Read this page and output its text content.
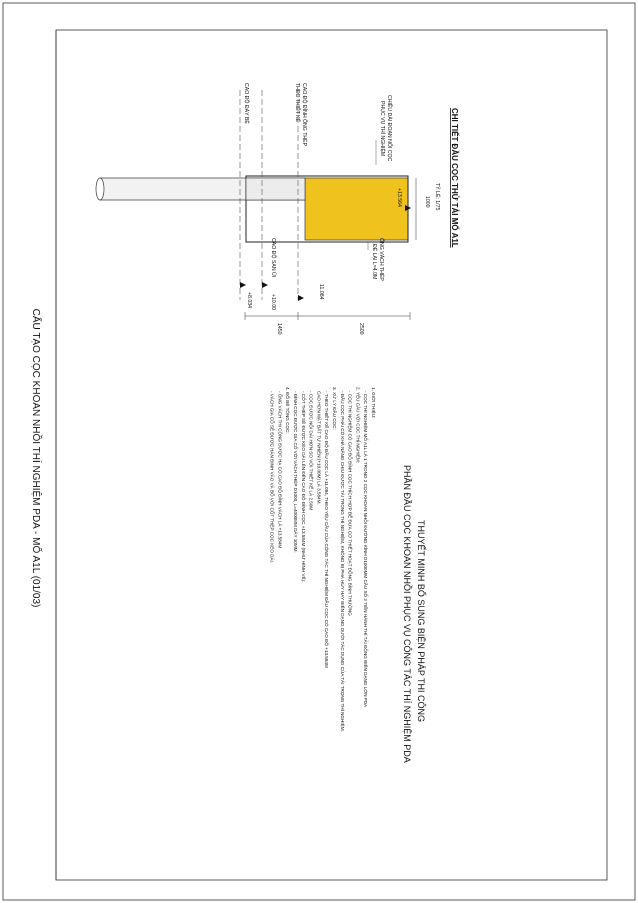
CẤU TẠO CỌC KHOAN NHỒI THÍ NGHIỆM PDA - MỐ A1L (01/03)
CHI TIẾT ĐẦU CỌC THỬ TẢI MỐ A1L
TỶ LỆ: 1/75
1000
+13.564
CHIỀU DÀI ĐOẠN NỐI CỌC
PHỤC VỤ THÍ NGHIỆM
CAO ĐỘ ĐỈNH ỐNG THÉP
THEO THIẾT KẾ
CAO ĐỘ ĐÁY BỆ
ỐNG VÁCH THÉP
ĐỂ LẠI L=4.0M
11.084
CAO ĐỘ SAN ỦI
+10.00
+8.034
2500
1450
THUYẾT MINH BỔ SUNG BIỆN PHÁP THI CÔNG
PHẦN ĐẦU CỌC KHOAN NHỒI PHỤC VỤ CÔNG TÁC THÍ NGHIỆM PDA
1. GIỚI THIỆU:
- CỌC THÍ NGHIỆM MỐ A1L LÀ 1 TRONG 2 CỌC KHOAN NHỒI ĐƯỜNG KÍNH D1000MM CẦU SỐ 2 TIẾN HÀNH THÍ TẢI ĐỘNG BIẾN DẠNG LỚN PDA
2. YÊU CẦU VỚI CỌC THÍ NGHIỆM:
- CỌC THÍ NGHIỆM CÓ CAO ĐỘ ĐỈNH CỌC THÍCH HỢP ĐỂ ĐƯA CƠ THIẾT HOẠT ĐỘNG BÌNH THƯỜNG
- ĐẦU CỌC PHẢI CÓ KHẢ NĂNG CHỊU ĐƯỢC TẢI TRỌNG THÍ NGHIỆM, KHÔNG BỊ PHÁ HỦY HAY BIẾN DẠNG DƯỚI TÁC DỤNG CỦA TẢI TRỌNG THÍ NGHIỆM.
3. XỬ LÝ ĐẦU CỌC:
- THEO THIẾT KẾ CAO ĐỘ ĐẦU CỌC LÀ +11.084, THEO YÊU CẦU CỦA CÔNG TÁC THÍ NGHIỆM ĐẦU CỌC CÓ CAO ĐỘ +13.584M
CAO HƠN MẶT ĐẤT TỰ NHIÊN (+10.00M) LÀ 3.584M.
- CỌC ĐƯỢC NỐI DÀI HƠN SO VỚI THIẾT KẾ LÀ 2.50M
- CỐT THÉP SẼ ĐƯỢC KÉO DÀI LÊN ĐẾN CAO ĐỘ ĐỈNH CỌC +13.584M (NHƯ HÌNH VẼ).
- ĐỈNH CỌC ĐƯỢC GIA CỐ VỚI VÁCH THÉP D1000, L=4000MM DÀY 10MM.
4. ĐỔ BÊ TÔNG CỌC:
- ỐNG VÁCH THI CÔNG ĐƯỢC HẠ CÓ CAO ĐỘ ĐỈNH VÁCH LÀ +13.584M
- VÁCH GIA CỐ SẼ ĐƯỢC HÀN ĐỊNH VÀO VÀ BỐ VỚI CỐT THÉP CỌC KÉO DÀI.
